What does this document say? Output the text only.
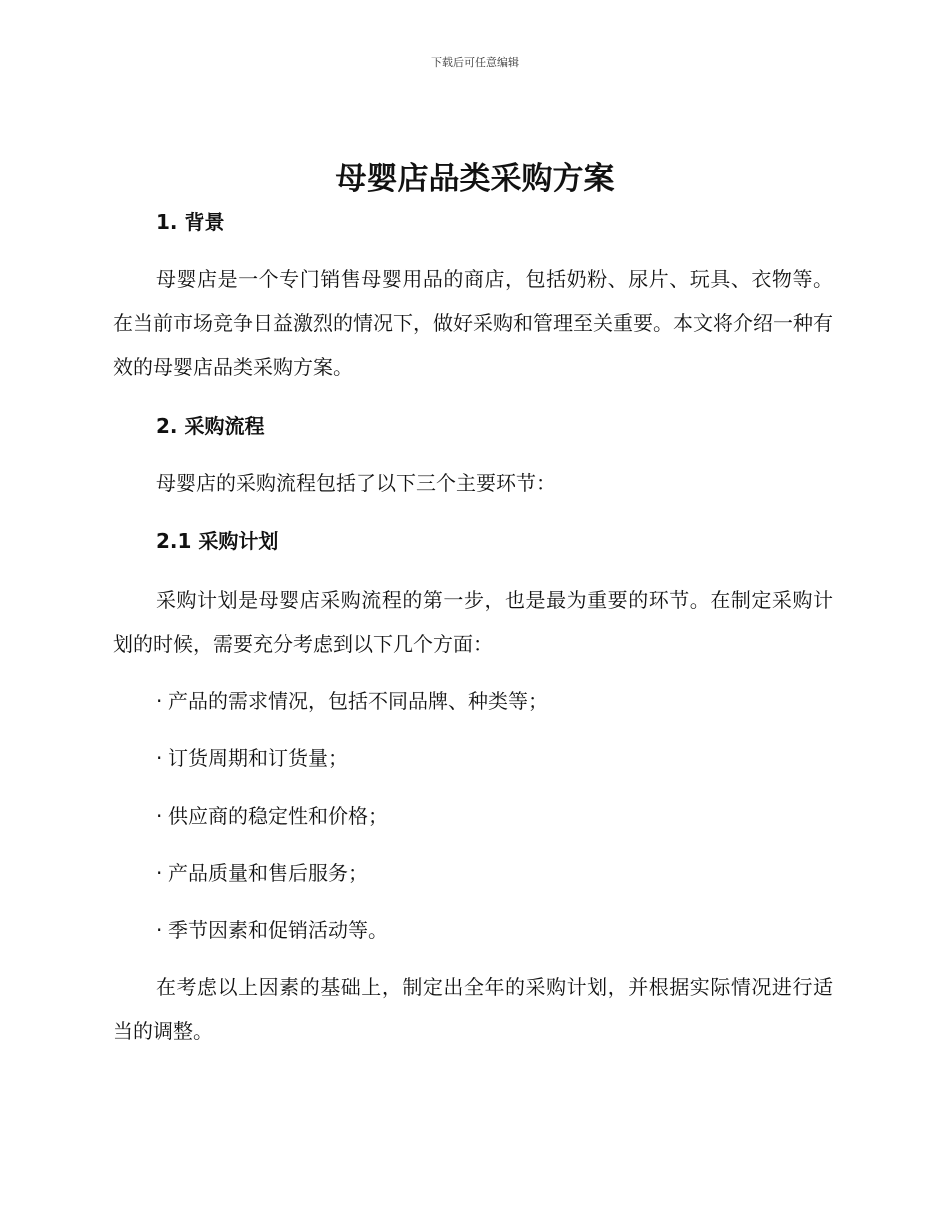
下载后可任意编辑
母婴店品类采购方案
1. 背景
母婴店是一个专门销售母婴用品的商店，包括奶粉、尿片、玩具、衣物等。在当前市场竞争日益激烈的情况下，做好采购和管理至关重要。本文将介绍一种有效的母婴店品类采购方案。
2. 采购流程
母婴店的采购流程包括了以下三个主要环节：
2.1 采购计划
采购计划是母婴店采购流程的第一步，也是最为重要的环节。在制定采购计划的时候，需要充分考虑到以下几个方面：
· 产品的需求情况，包括不同品牌、种类等；
· 订货周期和订货量；
· 供应商的稳定性和价格；
· 产品质量和售后服务；
· 季节因素和促销活动等。
在考虑以上因素的基础上，制定出全年的采购计划，并根据实际情况进行适当的调整。
